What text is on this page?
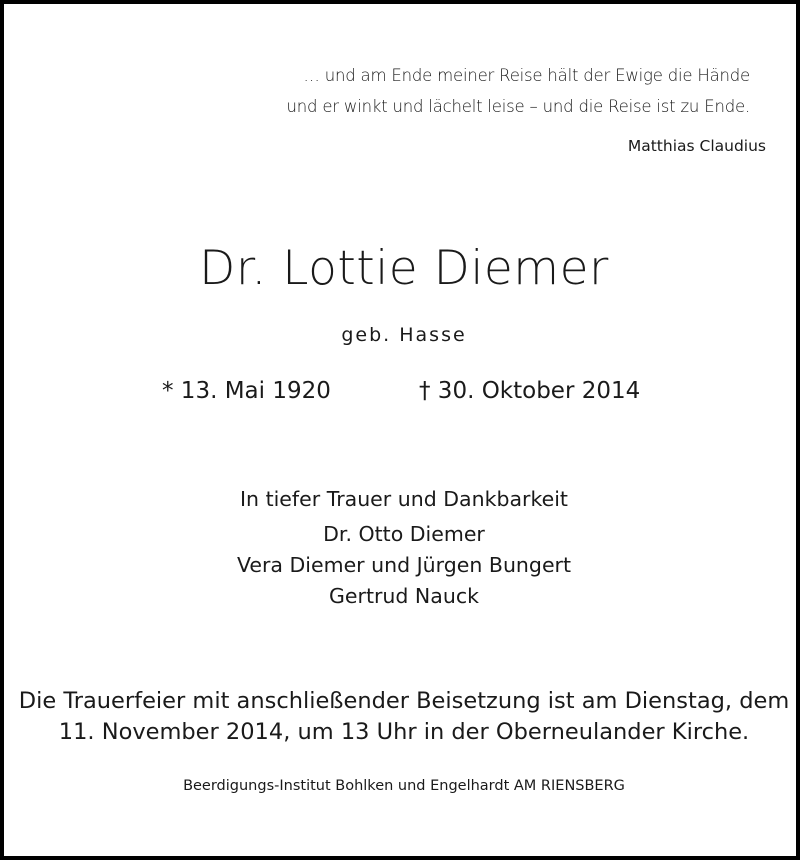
… und am Ende meiner Reise hält der Ewige die Hände
und er winkt und lächelt leise – und die Reise ist zu Ende.
Matthias Claudius
Dr. Lottie Diemer
geb. Hasse
* 13. Mai 1920	† 30. Oktober 2014
In tiefer Trauer und Dankbarkeit
Dr. Otto Diemer
Vera Diemer und Jürgen Bungert
Gertrud Nauck
Die Trauerfeier mit anschließender Beisetzung ist am Dienstag, dem
11. November 2014, um 13 Uhr in der Oberneulander Kirche.
Beerdigungs-Institut Bohlken und Engelhardt AM RIENSBERG
